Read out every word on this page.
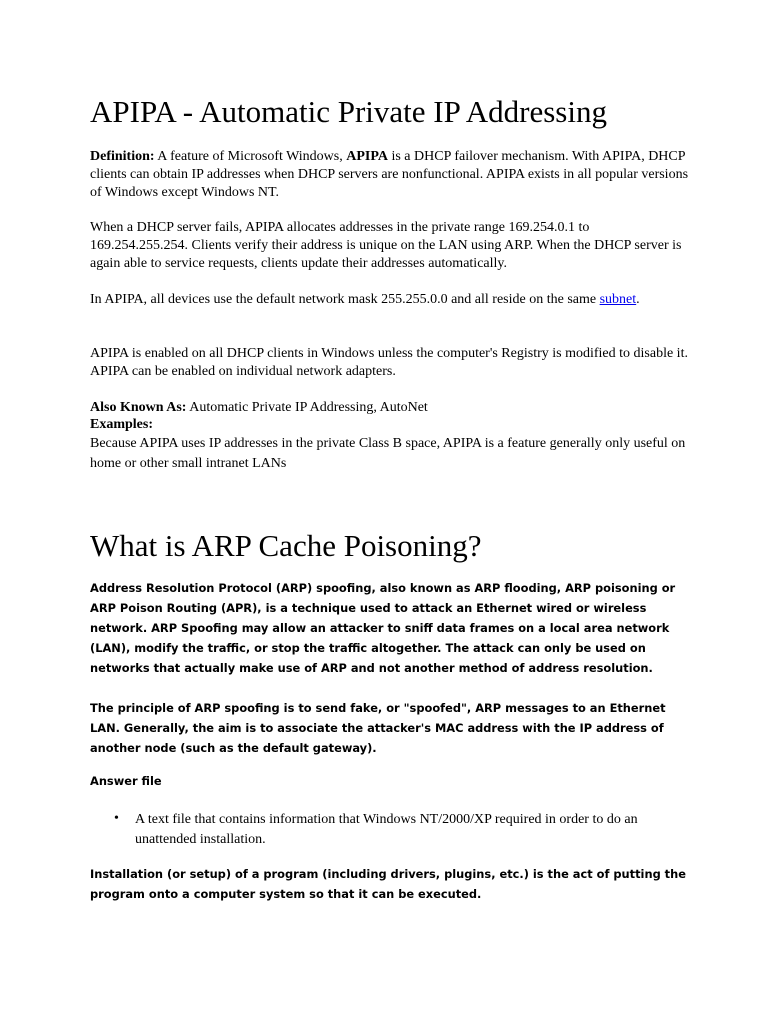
APIPA - Automatic Private IP Addressing

Definition: A feature of Microsoft Windows, APIPA is a DHCP failover mechanism. With APIPA, DHCP clients can obtain IP addresses when DHCP servers are nonfunctional. APIPA exists in all popular versions of Windows except Windows NT.

When a DHCP server fails, APIPA allocates addresses in the private range 169.254.0.1 to 169.254.255.254. Clients verify their address is unique on the LAN using ARP. When the DHCP server is again able to service requests, clients update their addresses automatically.

In APIPA, all devices use the default network mask 255.255.0.0 and all reside on the same subnet.

APIPA is enabled on all DHCP clients in Windows unless the computer's Registry is modified to disable it. APIPA can be enabled on individual network adapters.

Also Known As: Automatic Private IP Addressing, AutoNet

Examples:

Because APIPA uses IP addresses in the private Class B space, APIPA is a feature generally only useful on home or other small intranet LANs

What is ARP Cache Poisoning?

Address Resolution Protocol (ARP) spoofing, also known as ARP flooding, ARP poisoning or ARP Poison Routing (APR), is a technique used to attack an Ethernet wired or wireless network. ARP Spoofing may allow an attacker to sniff data frames on a local area network (LAN), modify the traffic, or stop the traffic altogether. The attack can only be used on networks that actually make use of ARP and not another method of address resolution.

The principle of ARP spoofing is to send fake, or "spoofed", ARP messages to an Ethernet LAN. Generally, the aim is to associate the attacker's MAC address with the IP address of another node (such as the default gateway).

Answer file

• A text file that contains information that Windows NT/2000/XP required in order to do an unattended installation.

Installation (or setup) of a program (including drivers, plugins, etc.) is the act of putting the program onto a computer system so that it can be executed.
